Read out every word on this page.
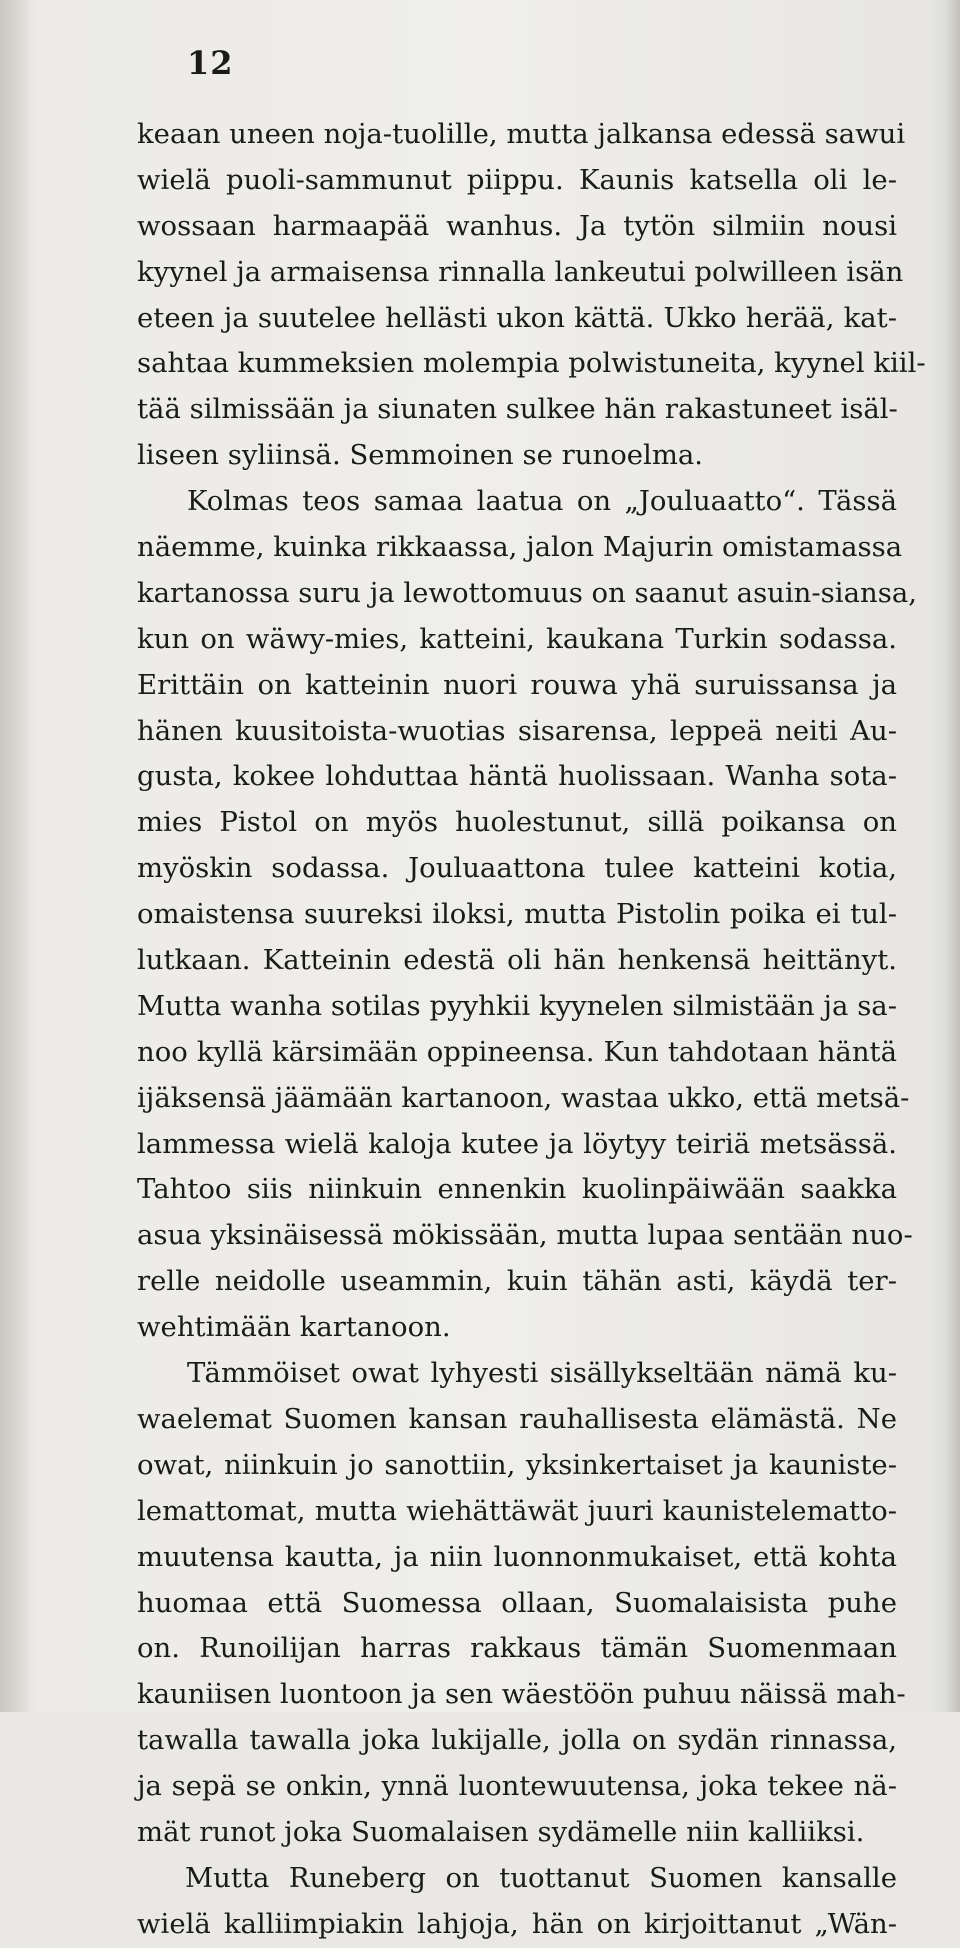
12
keaan uneen noja-tuolille, mutta jalkansa edessä sawui
wielä puoli-sammunut piippu. Kaunis katsella oli le-
wossaan harmaapää wanhus. Ja tytön silmiin nousi
kyynel ja armaisensa rinnalla lankeutui polwilleen isän
eteen ja suutelee hellästi ukon kättä. Ukko herää, kat-
sahtaa kummeksien molempia polwistuneita, kyynel kiil-
tää silmissään ja siunaten sulkee hän rakastuneet isäl-
liseen syliinsä. Semmoinen se runoelma.
Kolmas teos samaa laatua on „Jouluaatto“. Tässä
näemme, kuinka rikkaassa, jalon Majurin omistamassa
kartanossa suru ja lewottomuus on saanut asuin-siansa,
kun on wäwy-mies, katteini, kaukana Turkin sodassa.
Erittäin on katteinin nuori rouwa yhä suruissansa ja
hänen kuusitoista-wuotias sisarensa, leppeä neiti Au-
gusta, kokee lohduttaa häntä huolissaan. Wanha sota-
mies Pistol on myös huolestunut, sillä poikansa on
myöskin sodassa. Jouluaattona tulee katteini kotia,
omaistensa suureksi iloksi, mutta Pistolin poika ei tul-
lutkaan. Katteinin edestä oli hän henkensä heittänyt.
Mutta wanha sotilas pyyhkii kyynelen silmistään ja sa-
noo kyllä kärsimään oppineensa. Kun tahdotaan häntä
ijäksensä jäämään kartanoon, wastaa ukko, että metsä-
lammessa wielä kaloja kutee ja löytyy teiriä metsässä.
Tahtoo siis niinkuin ennenkin kuolinpäiwään saakka
asua yksinäisessä mökissään, mutta lupaa sentään nuo-
relle neidolle useammin, kuin tähän asti, käydä ter-
wehtimään kartanoon.
Tämmöiset owat lyhyesti sisällykseltään nämä ku-
waelemat Suomen kansan rauhallisesta elämästä. Ne
owat, niinkuin jo sanottiin, yksinkertaiset ja kauniste-
lemattomat, mutta wiehättäwät juuri kaunistelematto-
muutensa kautta, ja niin luonnonmukaiset, että kohta
huomaa että Suomessa ollaan, Suomalaisista puhe
on. Runoilijan harras rakkaus tämän Suomenmaan
kauniisen luontoon ja sen wäestöön puhuu näissä mah-
tawalla tawalla joka lukijalle, jolla on sydän rinnassa,
ja sepä se onkin, ynnä luontewuutensa, joka tekee nä-
mät runot joka Suomalaisen sydämelle niin kalliiksi.
Mutta Runeberg on tuottanut Suomen kansalle
wielä kalliimpiakin lahjoja, hän on kirjoittanut „Wän-
